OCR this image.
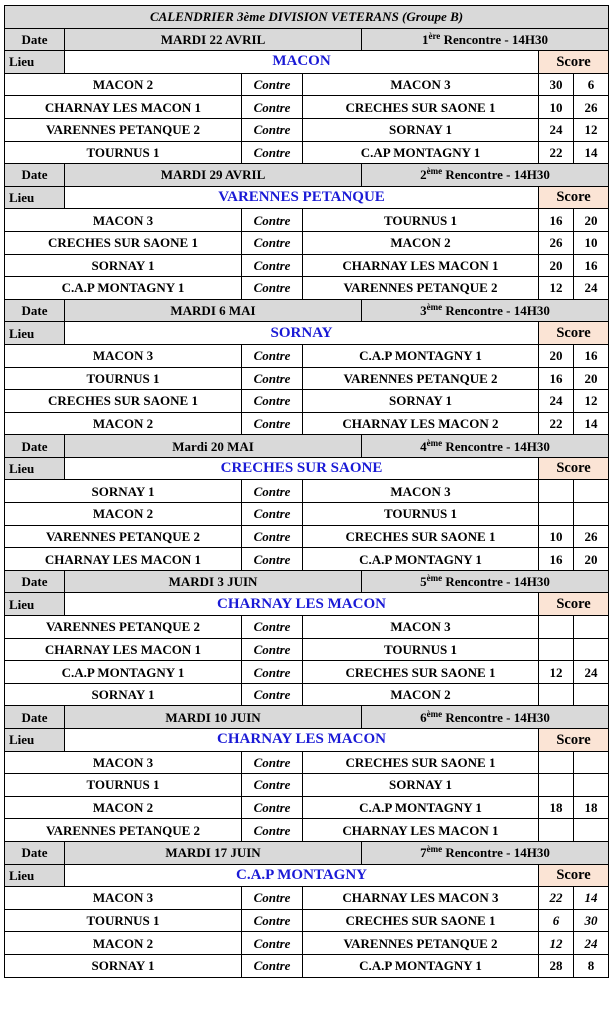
CALENDRIER 3ème DIVISION VETERANS (Groupe B)						
Date	MARDI 22 AVRIL			1ère Rencontre - 14H30		
Lieu	MACON				Score	
MACON 2		Contre	MACON 3		30	6
CHARNAY LES MACON 1		Contre	CRECHES SUR SAONE 1		10	26
VARENNES PETANQUE 2		Contre	SORNAY 1		24	12
TOURNUS 1		Contre	C.AP MONTAGNY 1		22	14
Date	MARDI 29 AVRIL			2ème Rencontre - 14H30		
Lieu	VARENNES PETANQUE				Score	
MACON 3		Contre	TOURNUS 1		16	20
CRECHES SUR SAONE 1		Contre	MACON 2		26	10
SORNAY 1		Contre	CHARNAY LES MACON 1		20	16
C.A.P MONTAGNY 1		Contre	VARENNES PETANQUE 2		12	24
Date	MARDI 6 MAI			3ème Rencontre - 14H30		
Lieu	SORNAY				Score	
MACON 3		Contre	C.A.P MONTAGNY 1		20	16
TOURNUS 1		Contre	VARENNES PETANQUE 2		16	20
CRECHES SUR SAONE 1		Contre	SORNAY 1		24	12
MACON 2		Contre	CHARNAY LES MACON 2		22	14
Date	Mardi 20 MAI			4ème Rencontre - 14H30		
Lieu	CRECHES SUR SAONE				Score	
SORNAY 1		Contre	MACON 3			
MACON 2		Contre	TOURNUS 1			
VARENNES PETANQUE 2		Contre	CRECHES SUR SAONE 1		10	26
CHARNAY LES MACON 1		Contre	C.A.P MONTAGNY 1		16	20
Date	MARDI 3 JUIN			5ème Rencontre - 14H30		
Lieu	CHARNAY LES MACON				Score	
VARENNES PETANQUE 2		Contre	MACON 3			
CHARNAY LES MACON 1		Contre	TOURNUS 1			
C.A.P MONTAGNY 1		Contre	CRECHES SUR SAONE 1		12	24
SORNAY 1		Contre	MACON 2			
Date	MARDI 10 JUIN			6ème Rencontre - 14H30		
Lieu	CHARNAY LES MACON				Score	
MACON 3		Contre	CRECHES SUR SAONE 1			
TOURNUS 1		Contre	SORNAY 1			
MACON 2		Contre	C.A.P MONTAGNY 1		18	18
VARENNES PETANQUE 2		Contre	CHARNAY LES MACON 1			
Date	MARDI 17 JUIN			7ème Rencontre - 14H30		
Lieu	C.A.P MONTAGNY				Score	
MACON 3		Contre	CHARNAY LES MACON 3		22	14
TOURNUS 1		Contre	CRECHES SUR SAONE 1		6	30
MACON 2		Contre	VARENNES PETANQUE 2		12	24
SORNAY 1		Contre	C.A.P MONTAGNY 1		28	8
